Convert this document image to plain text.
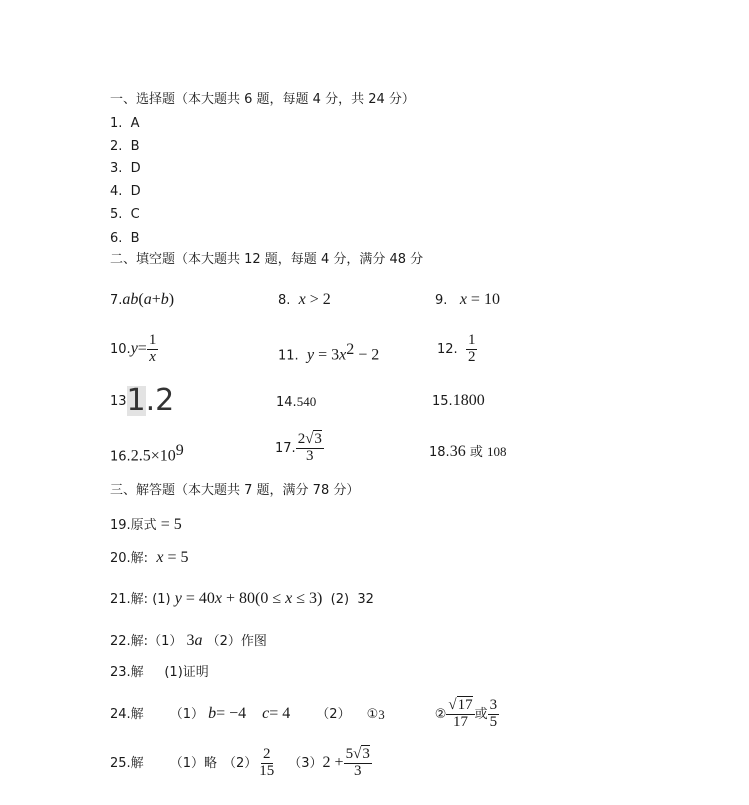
一、选择题（本大题共 6 题，每题 4 分，共 24 分）
1. A
2. B
3. D
4. D
5. C
6. B
二、填空题（本大题共 12 题，每题 4 分，满分 48 分
7.ab(a+b)	8. x > 2	9. x = 10
10. $y = \frac{1}{x}$	11. $y = 3x^2 - 2$	12.
$\frac{1}{2}$
13 1 .2	14.540	15.1800
$16.2.5\times 10^9$	17. $\frac{2√3}{3}$	18.36 或 108
三、解答题（本大题共 7 题，满分 78 分）
19.原式 = 5
20.解: x = 5
21.解: (1) y = 40x + 80(0 ≤ x ≤ 3) (2) 32
22.解:（1） 3a （2）作图
23.解 (1)证明
24.解 （1）
b = −4 c = 4 （2） ① 3	② $\frac{√17}{17}$ 或 $\frac{3}{5}$
25.解 （1） 略 $(2) \frac{2}{15} (3) 2 + \frac{5√3}{3}$
